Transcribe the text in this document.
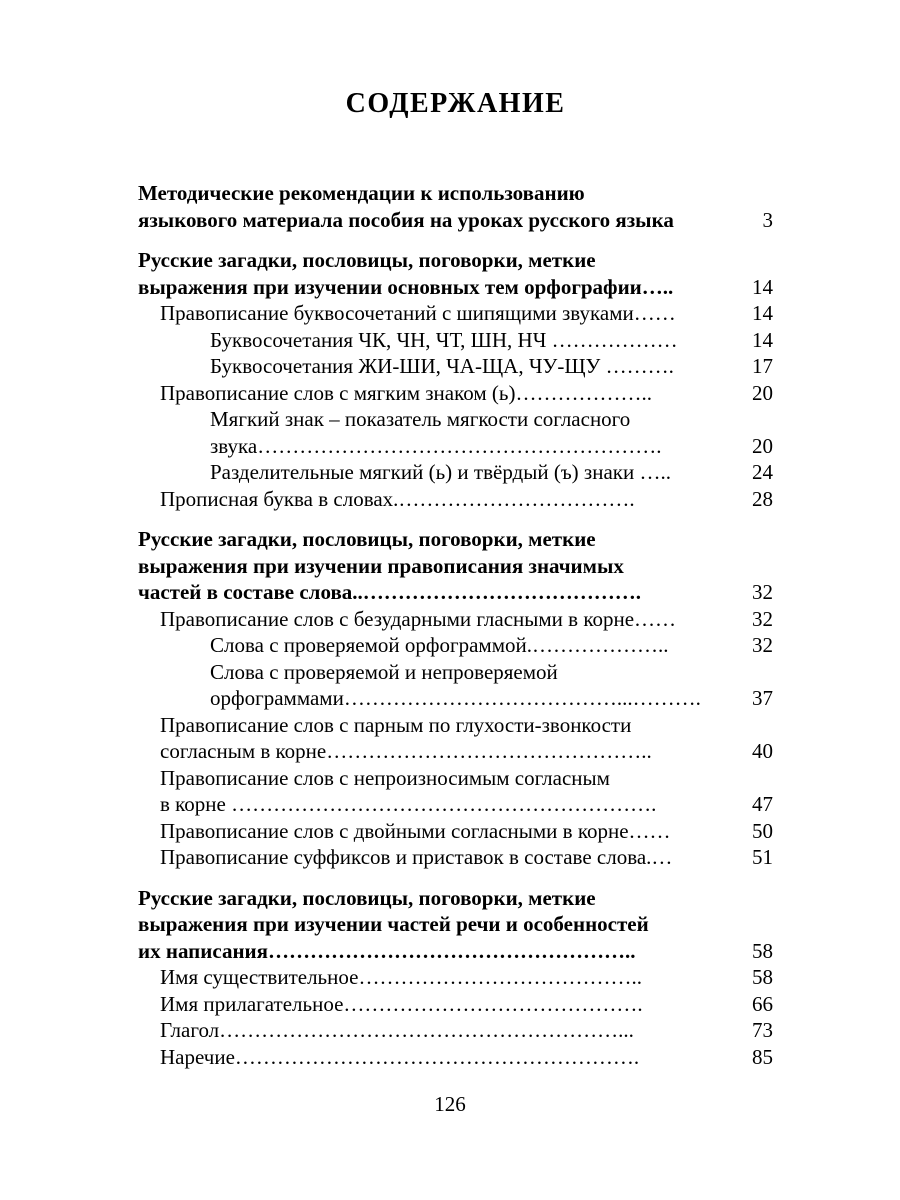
СОДЕРЖАНИЕ
Методические рекомендации к использованию
языкового материала пособия на уроках русского языка	3
Русские загадки, пословицы, поговорки, меткие
выражения при изучении основных тем орфографии…..	14
Правописание буквосочетаний с шипящими звуками……	14
Буквосочетания ЧК, ЧН, ЧТ, ШН, НЧ ………………	14
Буквосочетания ЖИ-ШИ, ЧА-ЩА, ЧУ-ЩУ ……….	17
Правописание слов с мягким знаком (ь)………………..	20
Мягкий знак – показатель мягкости согласного
звука………………………………………………….	20
Разделительные мягкий (ь) и твёрдый (ъ) знаки …..	24
Прописная буква в словах.…………………………….	28
Русские загадки, пословицы, поговорки, меткие
выражения при изучении правописания значимых
частей в составе слова..………………………………….	32
Правописание слов с безударными гласными в корне……	32
Слова с проверяемой орфограммой.………………..	32
Слова с проверяемой и непроверяемой
орфограммами…………………………………...……….	37
Правописание слов с парным по глухости-звонкости
согласным в корне………………………………………..	40
Правописание слов с непроизносимым согласным
в корне …………………………………………………….	47
Правописание слов с двойными согласными в корне……	50
Правописание суффиксов и приставок в составе слова.…	51
Русские загадки, пословицы, поговорки, меткие
выражения при изучении частей речи и особенностей
их написания……………………………………………..	58
Имя существительное…………………………………..	58
Имя прилагательное…………………………………….	66
Глагол…………………………………………………...	73
Наречие………………………………………………….	85
126
